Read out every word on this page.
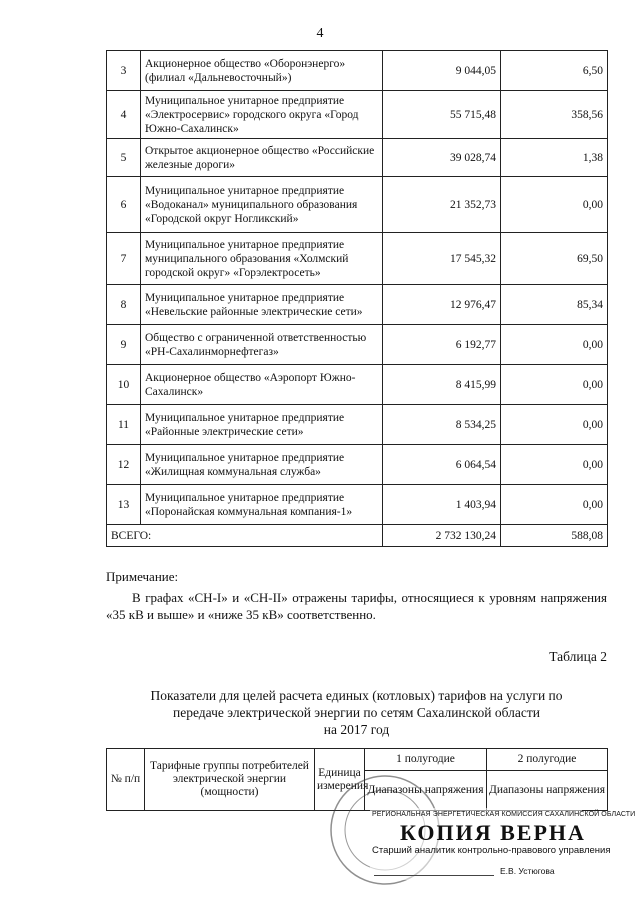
4
3	Акционерное общество «Оборонэнерго» (филиал «Дальневосточный»)	9 044,05	6,50
4	Муниципальное унитарное предприятие «Электросервис» городского округа «Город Южно-Сахалинск»	55 715,48	358,56
5	Открытое акционерное общество «Российские железные дороги»	39 028,74	1,38
6	Муниципальное унитарное предприятие «Водоканал» муниципального образования «Городской округ Ногликский»	21 352,73	0,00
7	Муниципальное унитарное предприятие муниципального образования «Холмский городской округ» «Горэлектросеть»	17 545,32	69,50
8	Муниципальное унитарное предприятие «Невельские районные электрические сети»	12 976,47	85,34
9	Общество с ограниченной ответственностью «РН-Сахалинморнефтегаз»	6 192,77	0,00
10	Акционерное общество «Аэропорт Южно-Сахалинск»	8 415,99	0,00
11	Муниципальное унитарное предприятие «Районные электрические сети»	8 534,25	0,00
12	Муниципальное унитарное предприятие «Жилищная коммунальная служба»	6 064,54	0,00
13	Муниципальное унитарное предприятие «Поронайская коммунальная компания-1»	1 403,94	0,00
ВСЕГО:		2 732 130,24	588,08
Примечание:
  В графах «СН-I» и «СН-II» отражены тарифы, относящиеся к уровням напряжения «35 кВ и выше» и «ниже 35 кВ» соответственно.
Таблица 2
Показатели для целей расчета единых (котловых) тарифов на услуги по
передаче электрической энергии по сетям Сахалинской области
на 2017 год
№ п/п	Тарифные группы потребителей электрической энергии (мощности)	Единица измерения	1 полугодие	2 полугодие
			Диапазоны напряжения	Диапазоны напряжения
РЕГИОНАЛЬНАЯ ЭНЕРГЕТИЧЕСКАЯ КОМИССИЯ САХАЛИНСКОЙ ОБЛАСТИ
КОПИЯ ВЕРНА
Старший аналитик контрольно-правового управления
Е.В. Устюгова
